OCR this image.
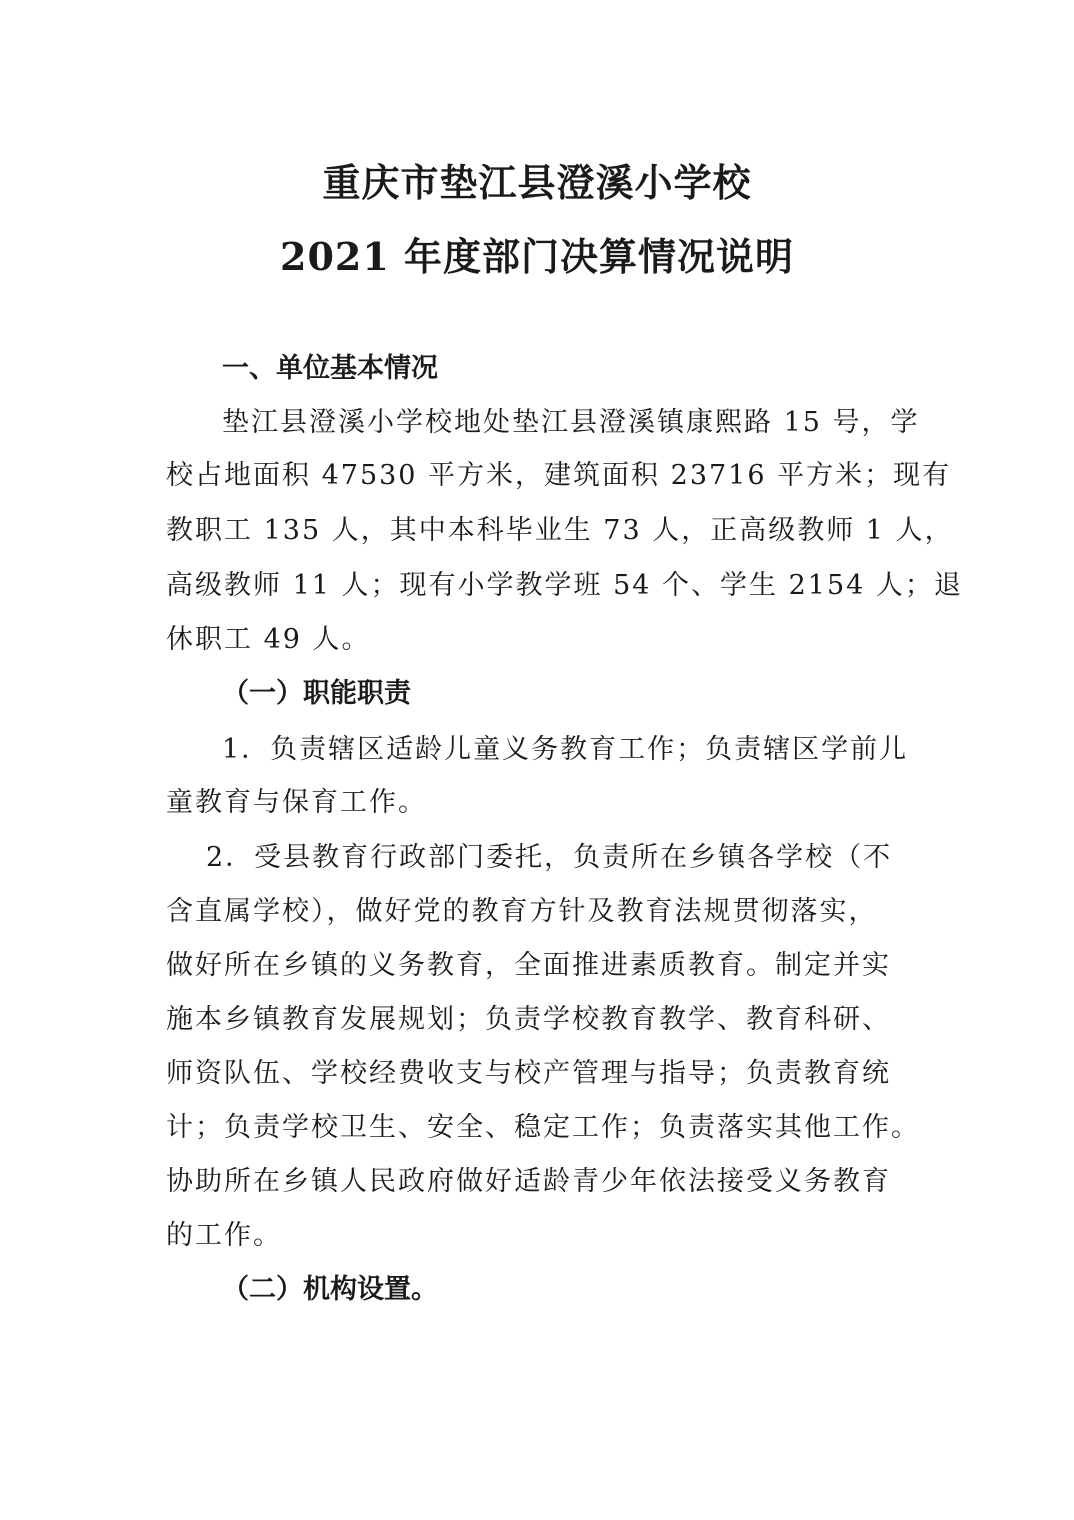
重庆市垫江县澄溪小学校
2021 年度部门决算情况说明

一、单位基本情况

垫江县澄溪小学校地处垫江县澄溪镇康熙路 15 号，学

校占地面积 47530 平方米，建筑面积 23716 平方米；现有

教职工 135 人，其中本科毕业生 73 人，正高级教师 1 人，

高级教师 11 人；现有小学教学班 54 个、学生 2154 人；退

休职工 49 人。

（一）职能职责

1．负责辖区适龄儿童义务教育工作；负责辖区学前儿

童教育与保育工作。

2．受县教育行政部门委托，负责所在乡镇各学校（不

含直属学校），做好党的教育方针及教育法规贯彻落实，

做好所在乡镇的义务教育，全面推进素质教育。制定并实

施本乡镇教育发展规划；负责学校教育教学、教育科研、

师资队伍、学校经费收支与校产管理与指导；负责教育统

计；负责学校卫生、安全、稳定工作；负责落实其他工作。

协助所在乡镇人民政府做好适龄青少年依法接受义务教育

的工作。

（二）机构设置。
